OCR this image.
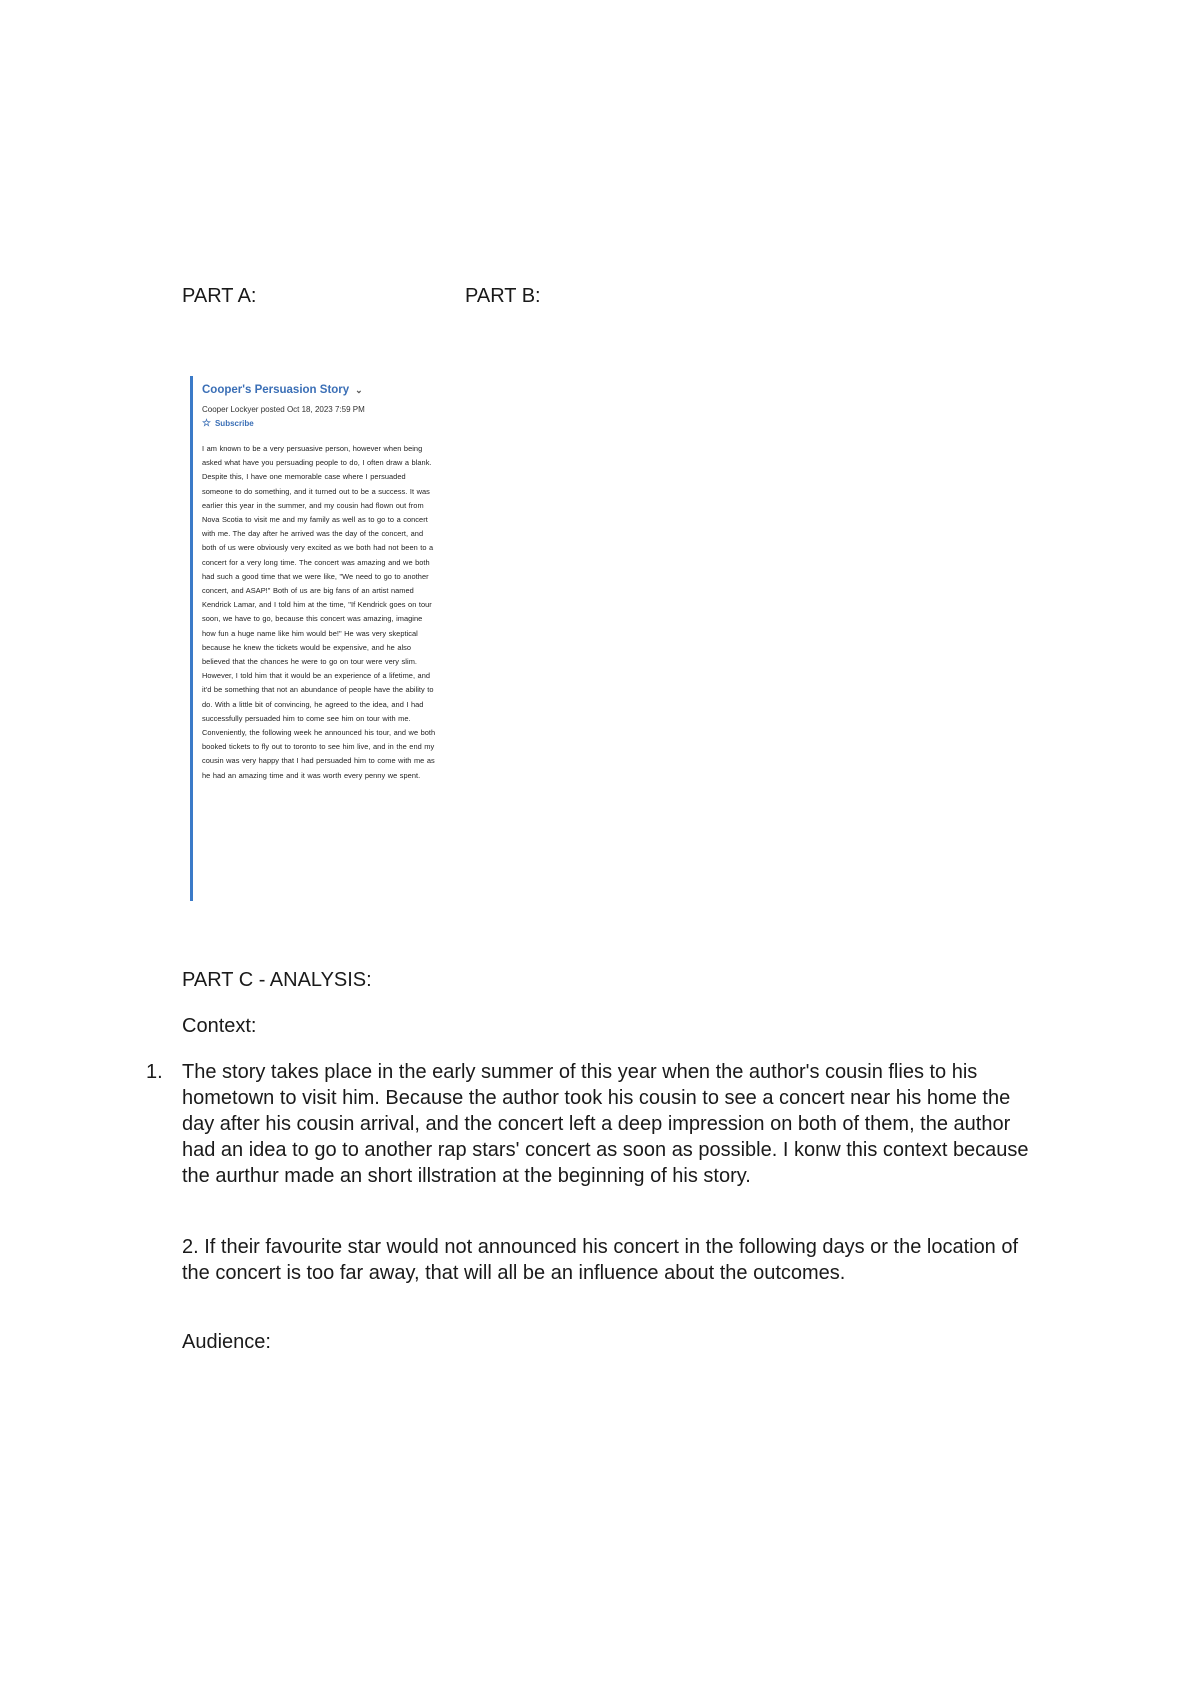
PART A:	PART B:
Cooper's Persuasion Story ⌄
Cooper Lockyer posted Oct 18, 2023 7:59 PM
☆ Subscribe
I am known to be a very persuasive person, however when being asked what have you persuading people to do, I often draw a blank. Despite this, I have one memorable case where I persuaded someone to do something, and it turned out to be a success. It was earlier this year in the summer, and my cousin had flown out from Nova Scotia to visit me and my family as well as to go to a concert with me. The day after he arrived was the day of the concert, and both of us were obviously very excited as we both had not been to a concert for a very long time. The concert was amazing and we both had such a good time that we were like, "We need to go to another concert, and ASAP!" Both of us are big fans of an artist named Kendrick Lamar, and I told him at the time, "If Kendrick goes on tour soon, we have to go, because this concert was amazing, imagine how fun a huge name like him would be!" He was very skeptical because he knew the tickets would be expensive, and he also believed that the chances he were to go on tour were very slim. However, I told him that it would be an experience of a lifetime, and it'd be something that not an abundance of people have the ability to do. With a little bit of convincing, he agreed to the idea, and I had successfully persuaded him to come see him on tour with me. Conveniently, the following week he announced his tour, and we both booked tickets to fly out to toronto to see him live, and in the end my cousin was very happy that I had persuaded him to come with me as he had an amazing time and it was worth every penny we spent.
PART C - ANALYSIS:
Context:
1. The story takes place in the early summer of this year when the author's cousin flies to his hometown to visit him. Because the author took his cousin to see a concert near his home the day after his cousin arrival, and the concert left a deep impression on both of them, the author had an idea to go to another rap stars' concert as soon as possible. I konw this context because the aurthur made an short illstration at the beginning of his story.
2. If their favourite star would not announced his concert in the following days or the location of the concert is too far away, that will all be an influence about the outcomes.
Audience:
